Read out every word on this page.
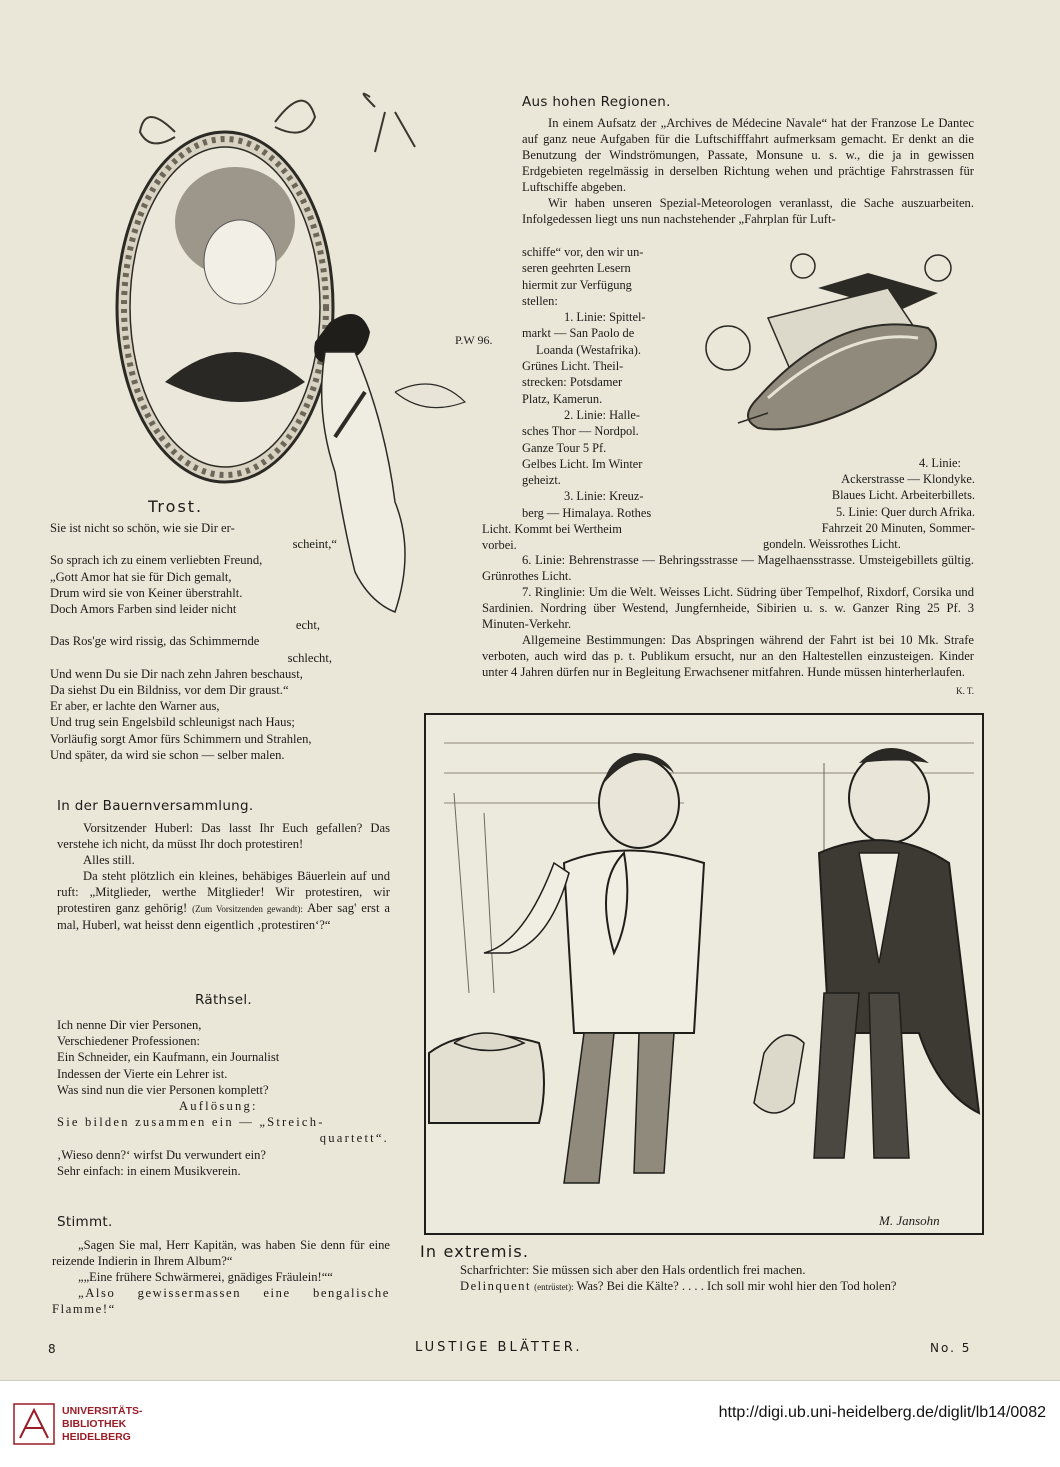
P.W 96.
Trost.
Sie ist nicht so schön, wie sie Dir er-
scheint,“
So sprach ich zu einem verliebten Freund,
„Gott Amor hat sie für Dich gemalt,
Drum wird sie von Keiner überstrahlt.
Doch Amors Farben sind leider nicht
echt,
Das Ros'ge wird rissig, das Schimmernde
schlecht,
Und wenn Du sie Dir nach zehn Jahren beschaust,
Da siehst Du ein Bildniss, vor dem Dir graust.“
Er aber, er lachte den Warner aus,
Und trug sein Engelsbild schleunigst nach Haus;
Vorläufig sorgt Amor fürs Schimmern und Strahlen,
Und später, da wird sie schon — selber malen.
In der Bauernversammlung.

Vorsitzender Huberl: Das lasst Ihr Euch gefallen? Das verstehe ich nicht, da müsst Ihr doch protestiren!

Alles still.

Da steht plötzlich ein kleines, behäbiges Bäuerlein auf und ruft: „Mitglieder, werthe Mitglieder! Wir protestiren, wir protestiren ganz gehörig! (Zum Vorsitzenden gewandt): Aber sag' erst a mal, Huberl, wat heisst denn eigentlich ‚protestiren‘?“

Räthsel.
Ich nenne Dir vier Personen,
Verschiedener Professionen:
Ein Schneider, ein Kaufmann, ein Journalist
Indessen der Vierte ein Lehrer ist.
Was sind nun die vier Personen komplett?
Auflösung:
Sie bilden zusammen ein — „Streich-
quartett“.
‚Wieso denn?‘ wirfst Du verwundert ein?
Sehr einfach: in einem Musikverein.
Stimmt.

„Sagen Sie mal, Herr Kapitän, was haben Sie denn für eine reizende Indierin in Ihrem Album?“

„„Eine frühere Schwärmerei, gnädiges Fräulein!““

„Also gewissermassen eine bengalische Flamme!“

Aus hohen Regionen.

In einem Aufsatz der „Archives de Médecine Navale“ hat der Franzose Le Dantec auf ganz neue Aufgaben für die Luftschifffahrt aufmerksam gemacht. Er denkt an die Benutzung der Windströmungen, Passate, Monsune u. s. w., die ja in gewissen Erdgebieten regelmässig in derselben Richtung wehen und prächtige Fahrstrassen für Luftschiffe abgeben.

Wir haben unseren Spezial-Meteorologen veranlasst, die Sache auszuarbeiten. Infolgedessen liegt uns nun nachstehender „Fahrplan für Luft-

schiffe“ vor, den wir un-
seren geehrten Lesern
hiermit zur Verfügung
stellen:
1. Linie: Spittel-
markt — San Paolo de
Loanda (Westafrika).
Grünes Licht. Theil-
strecken: Potsdamer
Platz, Kamerun.
2. Linie: Halle-
sches Thor — Nordpol.
Ganze Tour 5 Pf.
Gelbes Licht. Im Winter
geheizt.
3. Linie: Kreuz-
berg — Himalaya. Rothes
Licht. Kommt bei Wertheim
vorbei.
4. Linie:
Ackerstrasse — Klondyke.
Blaues Licht. Arbeiterbillets.
5. Linie: Quer durch Afrika.
Fahrzeit 20 Minuten, Sommer-
gondeln. Weissrothes Licht.

6. Linie: Behrenstrasse — Behringsstrasse — Magelhaensstrasse. Umsteigebillets gültig. Grünrothes Licht.

7. Ringlinie: Um die Welt. Weisses Licht. Südring über Tempelhof, Rixdorf, Corsika und Sardinien. Nordring über Westend, Jungfernheide, Sibirien u. s. w. Ganzer Ring 25 Pf. 3 Minuten-Verkehr.

Allgemeine Bestimmungen: Das Abspringen während der Fahrt ist bei 10 Mk. Strafe verboten, auch wird das p. t. Publikum ersucht, nur an den Haltestellen einzusteigen. Kinder unter 4 Jahren dürfen nur in Begleitung Erwachsener mitfahren. Hunde müssen hinterherlaufen.
K. T.

M. Jansohn
In extremis.

Scharfrichter: Sie müssen sich aber den Hals ordentlich frei machen.

Delinquent (entrüstet): Was? Bei die Kälte? . . . . Ich soll mir wohl hier den Tod holen?

8	LUSTIGE BLÄTTER.	No. 5
UNIVERSITÄTS-
BIBLIOTHEK
HEIDELBERG
http://digi.ub.uni-heidelberg.de/diglit/lb14/0082
